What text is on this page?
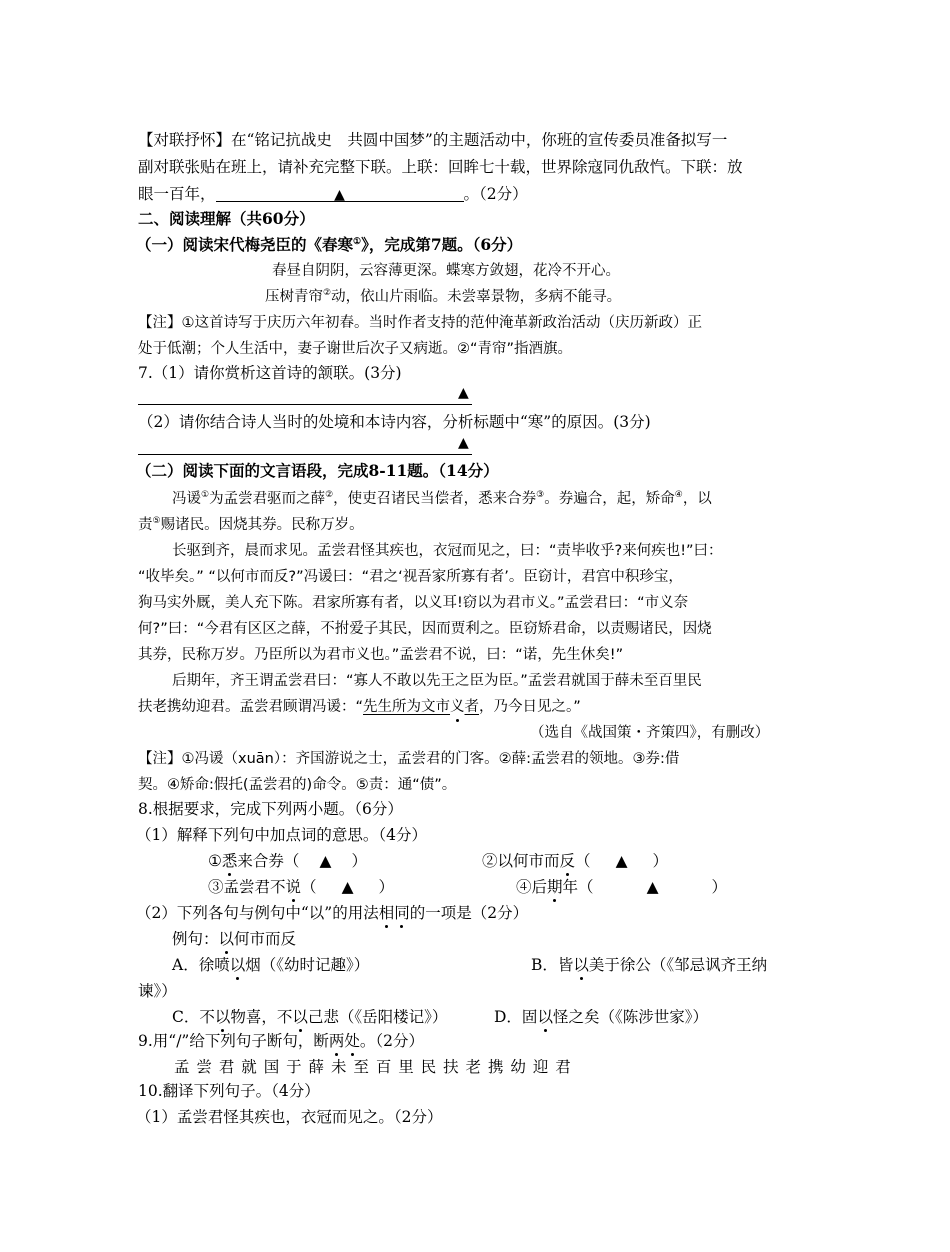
【对联抒怀】在“铭记抗战史　共圆中国梦”的主题活动中，你班的宣传委员准备拟写一
副对联张贴在班上，请补充完整下联。上联：回眸七十载，世界除寇同仇敌忾。下联：放
眼一百年，	▲	。（2分）
二、阅读理解（共60分）
（一）阅读宋代梅尧臣的《春寒①》，完成第7题。（6分）
春昼自阴阴，云容薄更深。蝶寒方敛翅，花冷不开心。
压树青帘②动，依山片雨临。未尝辜景物，多病不能寻。
【注】①这首诗写于庆历六年初春。当时作者支持的范仲淹革新政治活动（庆历新政）正
处于低潮；个人生活中，妻子谢世后次子又病逝。②“青帘”指酒旗。
7.（1）请你赏析这首诗的颔联。(3分)
▲
（2）请你结合诗人当时的处境和本诗内容，分析标题中“寒”的原因。(3分)
▲
（二）阅读下面的文言语段，完成8-11题。（14分）
冯谖①为孟尝君驱而之薛②，使吏召诸民当偿者，悉来合券③。券遍合，起，矫命④，以
责⑤赐诸民。因烧其券。民称万岁。
长驱到齐，晨而求见。孟尝君怪其疾也，衣冠而见之，曰：“责毕收乎?来何疾也!”曰：
“收毕矣。” “以何市而反?”冯谖曰：“君之‘视吾家所寡有者’。臣窃计，君宫中积珍宝，
狗马实外厩，美人充下陈。君家所寡有者，以义耳!窃以为君市义。”孟尝君曰：“市义奈
何?”曰：“今君有区区之薛，不拊爱子其民，因而贾利之。臣窃矫君命，以责赐诸民，因烧
其券，民称万岁。乃臣所以为君市义也。”孟尝君不说，曰：“诺，先生休矣!”
后期年，齐王谓孟尝君曰：“寡人不敢以先王之臣为臣。”孟尝君就国于薛未至百里民
扶老携幼迎君。孟尝君顾谓冯谖：“先生所为文市义者，乃今日见之。”
（选自《战国策・齐策四》，有删改）
【注】①冯谖（xuān）：齐国游说之士，孟尝君的门客。②薛:孟尝君的领地。③券:借
契。④矫命:假托(孟尝君的)命令。⑤责：通“债”。
8.根据要求，完成下列两小题。（6分）
（1）解释下列句中加点词的意思。（4分）
①悉来合券（ ▲ ）	②以何市而反（ ▲ ）
③孟尝君不说（ ▲ ）	④后期年（	▲	）
（2）下列各句与例句中“以”的用法相同的一项是（2分）
例句：以何市而反
A．徐喷以烟（《幼时记趣》）	B．皆以美于徐公（《邹忌讽齐王纳
谏》）
C．不以物喜，不以己悲（《岳阳楼记》）	D．固以怪之矣（《陈涉世家》）
9.用“/”给下列句子断句，断两处。（2分）
孟 尝 君 就 国 于 薛 未 至 百 里 民 扶 老 携 幼 迎 君
10.翻译下列句子。（4分）
（1）孟尝君怪其疾也，衣冠而见之。（2分）
